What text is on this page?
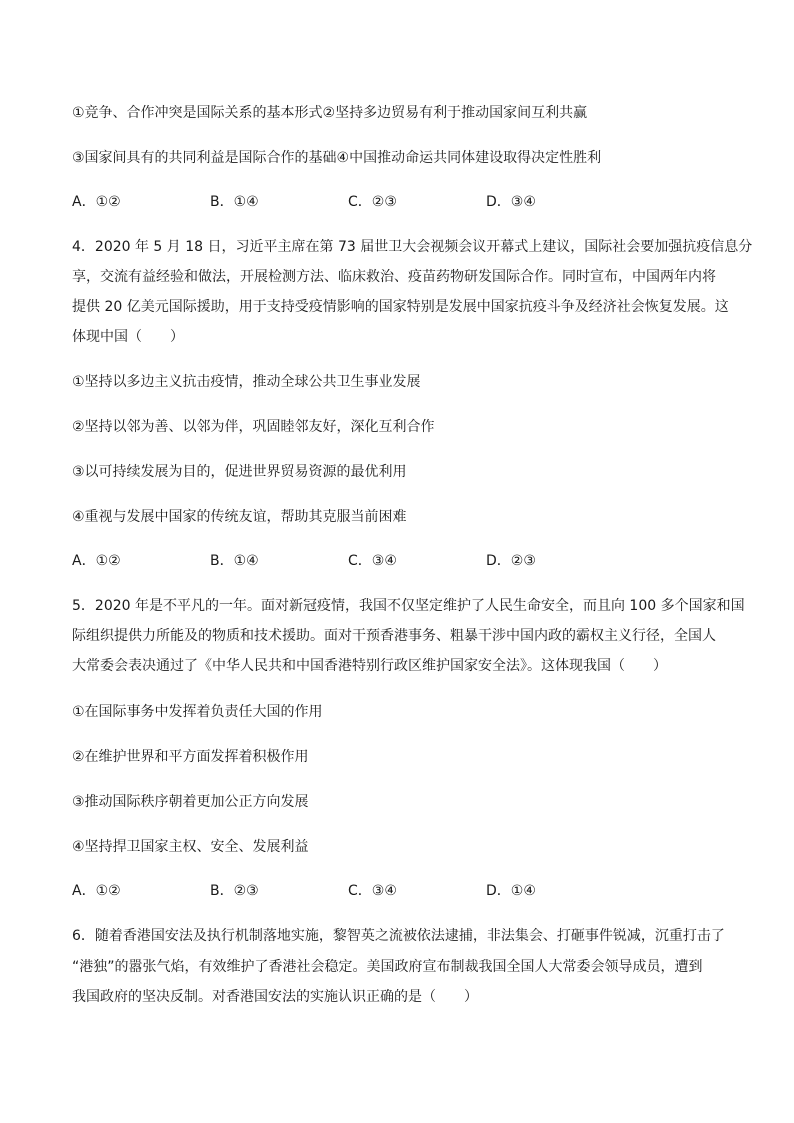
①竞争、合作冲突是国际关系的基本形式②坚持多边贸易有利于推动国家间互利共赢
③国家间具有的共同利益是国际合作的基础④中国推动命运共同体建设取得决定性胜利
A．①②	B．①④	C．②③	D．③④
4．2020 年 5 月 18 日，习近平主席在第 73 届世卫大会视频会议开幕式上建议，国际社会要加强抗疫信息分
享，交流有益经验和做法，开展检测方法、临床救治、疫苗药物研发国际合作。同时宣布，中国两年内将
提供 20 亿美元国际援助，用于支持受疫情影响的国家特别是发展中国家抗疫斗争及经济社会恢复发展。这
体现中国（　　）
①坚持以多边主义抗击疫情，推动全球公共卫生事业发展
②坚持以邻为善、以邻为伴，巩固睦邻友好，深化互利合作
③以可持续发展为目的，促进世界贸易资源的最优利用
④重视与发展中国家的传统友谊，帮助其克服当前困难
A．①②	B．①④	C．③④	D．②③
5．2020 年是不平凡的一年。面对新冠疫情，我国不仅坚定维护了人民生命安全，而且向 100 多个国家和国
际组织提供力所能及的物质和技术援助。面对干预香港事务、粗暴干涉中国内政的霸权主义行径，全国人
大常委会表决通过了《中华人民共和中国香港特别行政区维护国家安全法》。这体现我国（　　）
①在国际事务中发挥着负责任大国的作用
②在维护世界和平方面发挥着积极作用
③推动国际秩序朝着更加公正方向发展
④坚持捍卫国家主权、安全、发展利益
A．①②	B．②③	C．③④	D．①④
6．随着香港国安法及执行机制落地实施，黎智英之流被依法逮捕，非法集会、打砸事件锐减，沉重打击了
“港独”的嚣张气焰，有效维护了香港社会稳定。美国政府宣布制裁我国全国人大常委会领导成员，遭到
我国政府的坚决反制。对香港国安法的实施认识正确的是（　　）
